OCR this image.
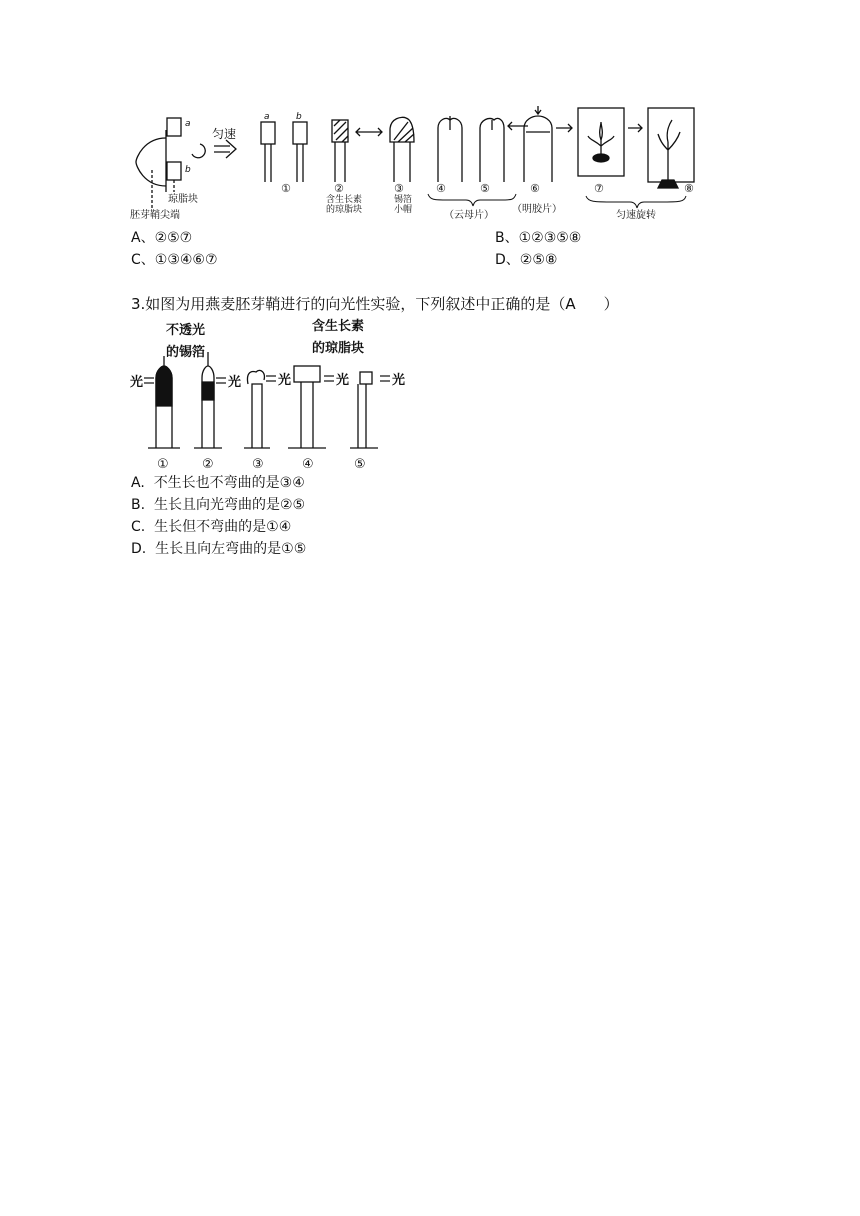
a
b
a	b
匀速
琼脂块
胚芽鞘尖端
①	②
含生长素
的琼脂块
③
锡箔
小帽
④	⑤	⑥	⑦	⑧
（云母片）
（明胶片）
匀速旋转
A、②⑤⑦	B、①②③⑤⑧
C、①③④⑥⑦	D、②⑤⑧
3.如图为用燕麦胚芽鞘进行的向光性实验，下列叙述中正确的是（A ）
不透光
的锡箔
含生长素
的琼脂块
光	光	光	光	光
①	②	③	④	⑤
A. 不生长也不弯曲的是③④
B. 生长且向光弯曲的是②⑤
C. 生长但不弯曲的是①④
D. 生长且向左弯曲的是①⑤
